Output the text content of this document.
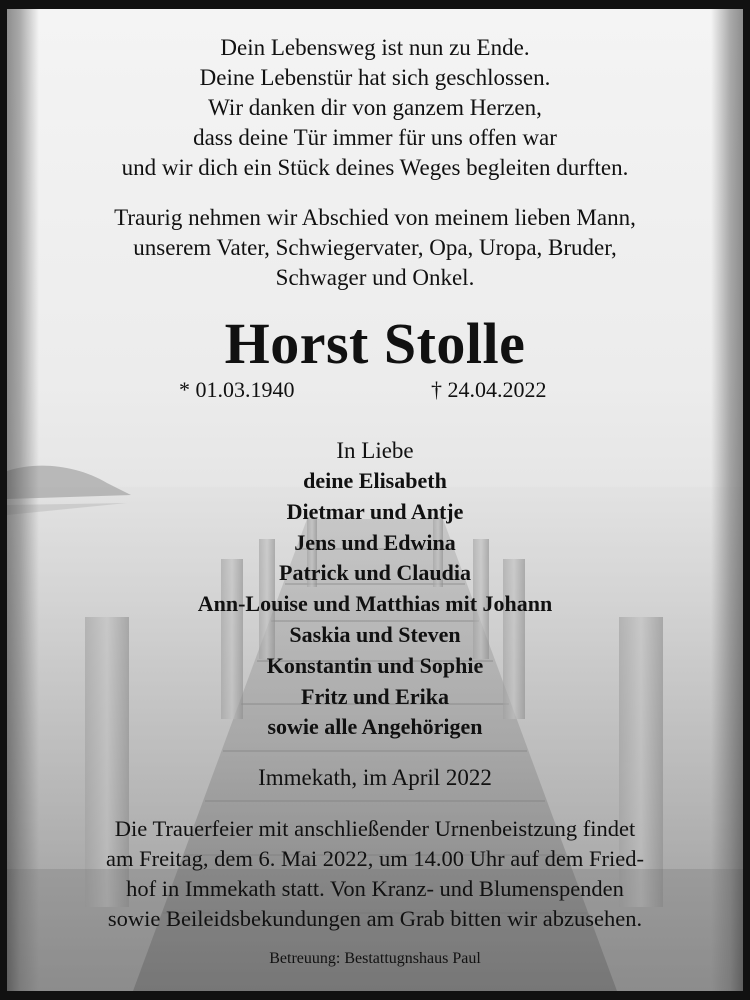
Dein Lebensweg ist nun zu Ende.
Deine Lebenstür hat sich geschlossen.
Wir danken dir von ganzem Herzen,
dass deine Tür immer für uns offen war
und wir dich ein Stück deines Weges begleiten durften.
Traurig nehmen wir Abschied von meinem lieben Mann,
unserem Vater, Schwiegervater, Opa, Uropa, Bruder,
Schwager und Onkel.
Horst Stolle
* 01.03.1940	† 24.04.2022
In Liebe
deine Elisabeth
Dietmar und Antje
Jens und Edwina
Patrick und Claudia
Ann-Louise und Matthias mit Johann
Saskia und Steven
Konstantin und Sophie
Fritz und Erika
sowie alle Angehörigen
Immekath, im April 2022
Die Trauerfeier mit anschließender Urnenbeistzung findet
am Freitag, dem 6. Mai 2022, um 14.00 Uhr auf dem Fried-
hof in Immekath statt. Von Kranz- und Blumenspenden
sowie Beileidsbekundungen am Grab bitten wir abzusehen.
Betreuung: Bestattugnshaus Paul
